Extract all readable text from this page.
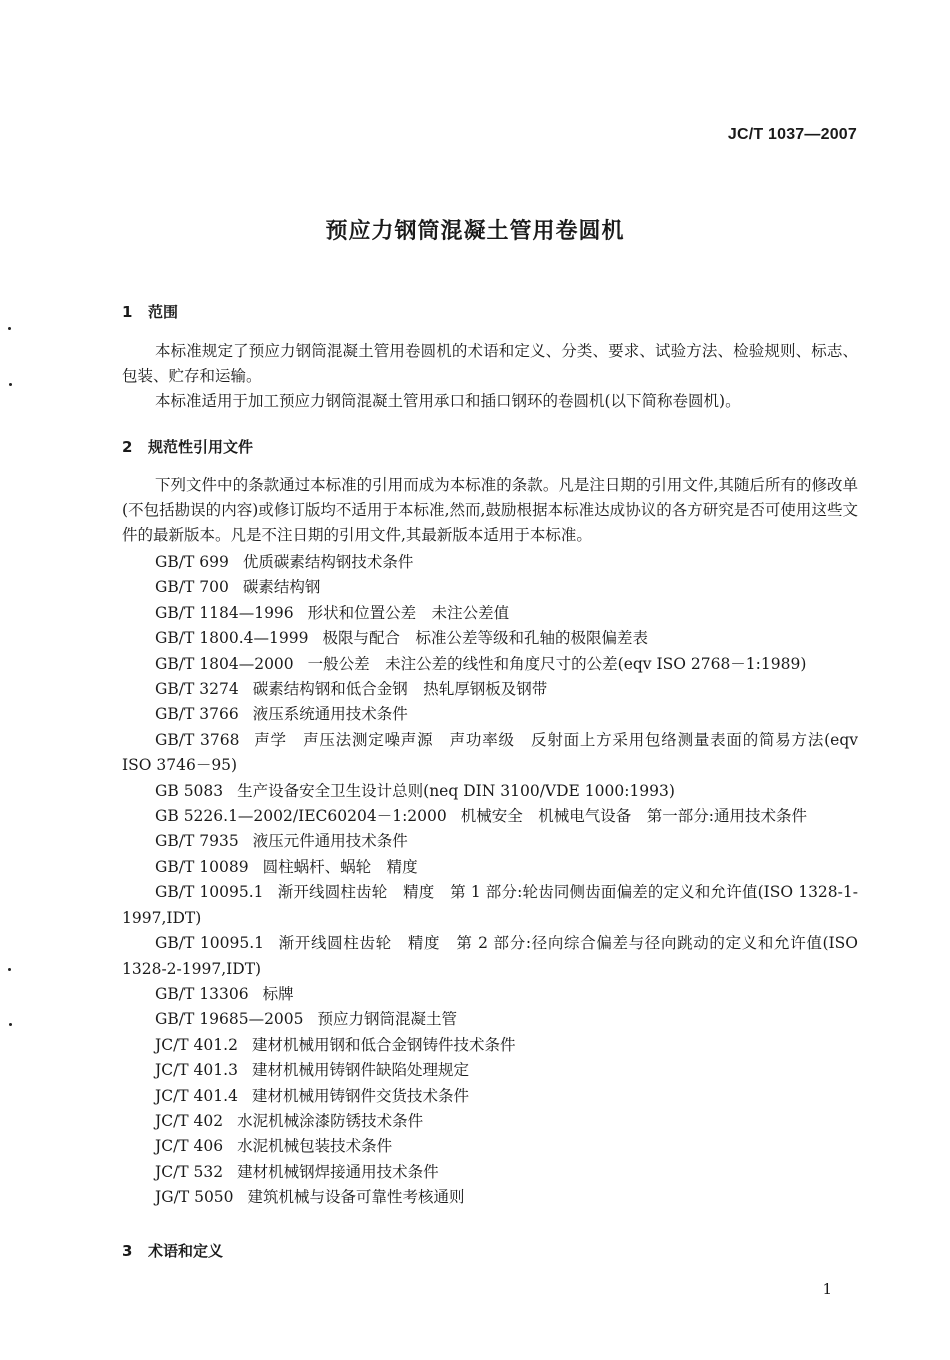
JC/T 1037—2007
预应力钢筒混凝土管用卷圆机
1 范围

本标准规定了预应力钢筒混凝土管用卷圆机的术语和定义、分类、要求、试验方法、检验规则、标志、包装、贮存和运输。

本标准适用于加工预应力钢筒混凝土管用承口和插口钢环的卷圆机(以下简称卷圆机)。

2 规范性引用文件

下列文件中的条款通过本标准的引用而成为本标准的条款。凡是注日期的引用文件,其随后所有的修改单(不包括勘误的内容)或修订版均不适用于本标准,然而,鼓励根据本标准达成协议的各方研究是否可使用这些文件的最新版本。凡是不注日期的引用文件,其最新版本适用于本标准。

GB/T 699 优质碳素结构钢技术条件
GB/T 700 碳素结构钢
GB/T 1184—1996 形状和位置公差　未注公差值
GB/T 1800.4—1999 极限与配合　标准公差等级和孔轴的极限偏差表
GB/T 1804—2000 一般公差　未注公差的线性和角度尺寸的公差(eqv ISO 2768－1:1989)
GB/T 3274 碳素结构钢和低合金钢　热轧厚钢板及钢带
GB/T 3766 液压系统通用技术条件
GB/T 3768 声学　声压法测定噪声源　声功率级　反射面上方采用包络测量表面的简易方法(eqv ISO 3746－95)
GB 5083 生产设备安全卫生设计总则(neq DIN 3100/VDE 1000:1993)
GB 5226.1—2002/IEC60204－1:2000 机械安全　机械电气设备　第一部分:通用技术条件
GB/T 7935 液压元件通用技术条件
GB/T 10089 圆柱蜗杆、蜗轮　精度
GB/T 10095.1 渐开线圆柱齿轮　精度　第 1 部分:轮齿同侧齿面偏差的定义和允许值(ISO 1328-1-1997,IDT)
GB/T 10095.1 渐开线圆柱齿轮　精度　第 2 部分:径向综合偏差与径向跳动的定义和允许值(ISO 1328-2-1997,IDT)
GB/T 13306 标牌
GB/T 19685—2005 预应力钢筒混凝土管
JC/T 401.2 建材机械用钢和低合金钢铸件技术条件
JC/T 401.3 建材机械用铸钢件缺陷处理规定
JC/T 401.4 建材机械用铸钢件交货技术条件
JC/T 402 水泥机械涂漆防锈技术条件
JC/T 406 水泥机械包装技术条件
JC/T 532 建材机械钢焊接通用技术条件
JG/T 5050 建筑机械与设备可靠性考核通则
3 术语和定义
1
